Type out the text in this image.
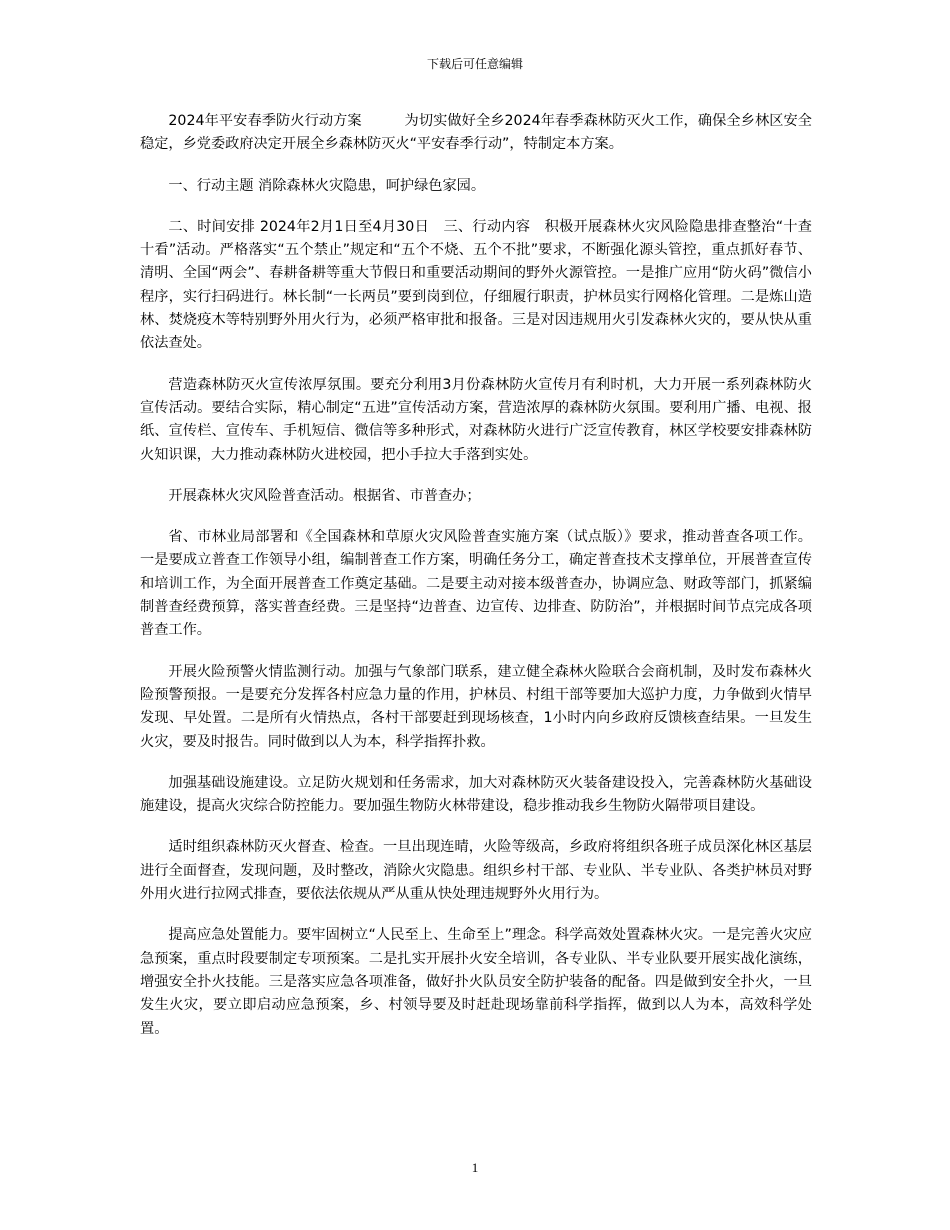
下载后可任意编辑

2024年平安春季防火行动方案　　　为切实做好全乡2024年春季森林防灭火工作，确保全乡林区安全稳定，乡党委政府决定开展全乡森林防灭火“平安春季行动”，特制定本方案。

一、行动主题 消除森林火灾隐患，呵护绿色家园。

二、时间安排 2024年2月1日至4月30日　三、行动内容　积极开展森林火灾风险隐患排查整治“十查十看”活动。严格落实“五个禁止”规定和“五个不烧、五个不批”要求，不断强化源头管控，重点抓好春节、清明、全国“两会”、春耕备耕等重大节假日和重要活动期间的野外火源管控。一是推广应用“防火码”微信小程序，实行扫码进行。林长制“一长两员”要到岗到位，仔细履行职责，护林员实行网格化管理。二是炼山造林、焚烧疫木等特别野外用火行为，必须严格审批和报备。三是对因违规用火引发森林火灾的，要从快从重依法查处。

营造森林防灭火宣传浓厚氛围。要充分利用3月份森林防火宣传月有利时机，大力开展一系列森林防火宣传活动。要结合实际，精心制定“五进”宣传活动方案，营造浓厚的森林防火氛围。要利用广播、电视、报纸、宣传栏、宣传车、手机短信、微信等多种形式，对森林防火进行广泛宣传教育，林区学校要安排森林防火知识课，大力推动森林防火进校园，把小手拉大手落到实处。

开展森林火灾风险普查活动。根据省、市普查办；

省、市林业局部署和《全国森林和草原火灾风险普查实施方案（试点版）》要求，推动普查各项工作。一是要成立普查工作领导小组，编制普查工作方案，明确任务分工，确定普查技术支撑单位，开展普查宣传和培训工作，为全面开展普查工作奠定基础。二是要主动对接本级普查办，协调应急、财政等部门，抓紧编制普查经费预算，落实普查经费。三是坚持“边普查、边宣传、边排查、防防治”，并根据时间节点完成各项普查工作。

开展火险预警火情监测行动。加强与气象部门联系，建立健全森林火险联合会商机制，及时发布森林火险预警预报。一是要充分发挥各村应急力量的作用，护林员、村组干部等要加大巡护力度，力争做到火情早发现、早处置。二是所有火情热点，各村干部要赶到现场核查，1小时内向乡政府反馈核查结果。一旦发生火灾，要及时报告。同时做到以人为本，科学指挥扑救。

加强基础设施建设。立足防火规划和任务需求，加大对森林防灭火装备建设投入，完善森林防火基础设施建设，提高火灾综合防控能力。要加强生物防火林带建设，稳步推动我乡生物防火隔带项目建设。

适时组织森林防灭火督查、检查。一旦出现连晴，火险等级高，乡政府将组织各班子成员深化林区基层进行全面督查，发现问题，及时整改，消除火灾隐患。组织乡村干部、专业队、半专业队、各类护林员对野外用火进行拉网式排查，要依法依规从严从重从快处理违规野外火用行为。

提高应急处置能力。要牢固树立“人民至上、生命至上”理念。科学高效处置森林火灾。一是完善火灾应急预案，重点时段要制定专项预案。二是扎实开展扑火安全培训，各专业队、半专业队要开展实战化演练，增强安全扑火技能。三是落实应急各项准备，做好扑火队员安全防护装备的配备。四是做到安全扑火，一旦发生火灾，要立即启动应急预案，乡、村领导要及时赶赴现场靠前科学指挥，做到以人为本，高效科学处置。

1
